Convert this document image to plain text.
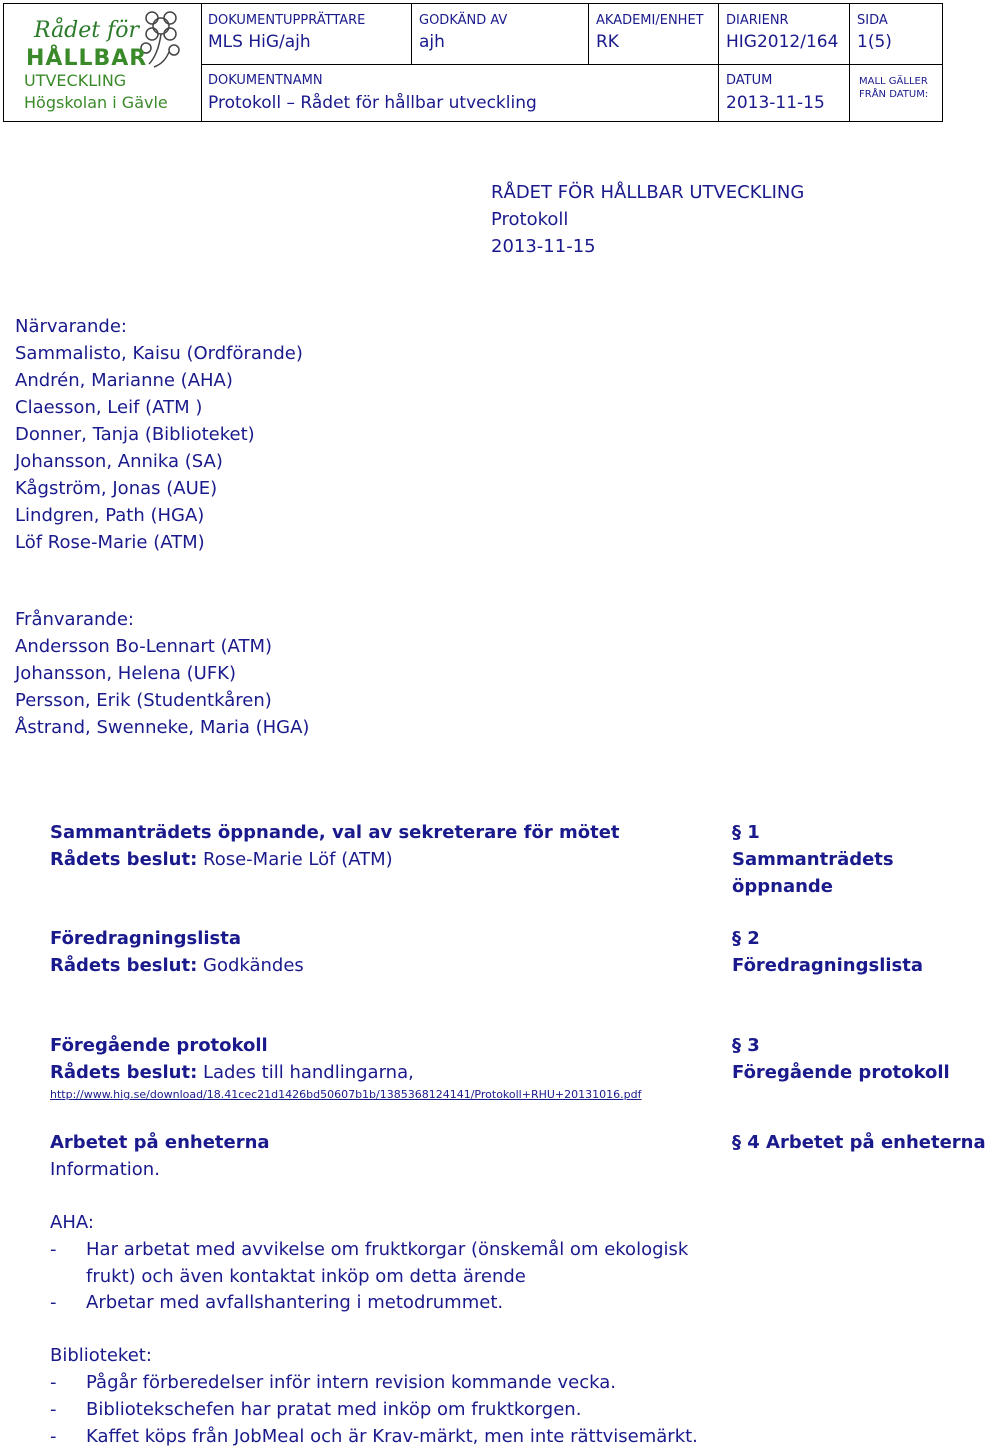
Rådet för
HÅLLBAR
UTVECKLING
Högskolan i Gävle
DOKUMENTUPPRÄTTARE
MLS HiG/ajh
GODKÄND AV
ajh
AKADEMI/ENHET
RK
DIARIENR
HIG2012/164
SIDA
1(5)
DOKUMENTNAMN
Protokoll – Rådet för hållbar utveckling
DATUM
2013-11-15
MALL GÄLLER
FRÅN DATUM:
RÅDET FÖR HÅLLBAR UTVECKLING
Protokoll
2013-11-15
Närvarande:
Sammalisto, Kaisu (Ordförande)
Andrén, Marianne (AHA)
Claesson, Leif (ATM )
Donner, Tanja (Biblioteket)
Johansson, Annika (SA)
Kågström, Jonas (AUE)
Lindgren, Path (HGA)
Löf Rose-Marie (ATM)
Frånvarande:
Andersson Bo-Lennart (ATM)
Johansson, Helena (UFK)
Persson, Erik (Studentkåren)
Åstrand, Swenneke, Maria (HGA)
Sammanträdets öppnande, val av sekreterare för mötet
Rådets beslut: Rose-Marie Löf (ATM)
§ 1
Sammanträdets
öppnande
Föredragningslista
Rådets beslut: Godkändes
§ 2
Föredragningslista
Föregående protokoll
Rådets beslut: Lades till handlingarna,
http://www.hig.se/download/18.41cec21d1426bd50607b1b/1385368124141/Protokoll+RHU+20131016.pdf
§ 3
Föregående protokoll
Arbetet på enheterna
Information.
§ 4 Arbetet på enheterna
AHA:
- Har arbetat med avvikelse om fruktkorgar (önskemål om ekologisk
frukt) och även kontaktat inköp om detta ärende
- Arbetar med avfallshantering i metodrummet.
Biblioteket:
- Pågår förberedelser inför intern revision kommande vecka.
- Bibliotekschefen har pratat med inköp om fruktkorgen.
- Kaffet köps från JobMeal och är Krav-märkt, men inte rättvisemärkt.
